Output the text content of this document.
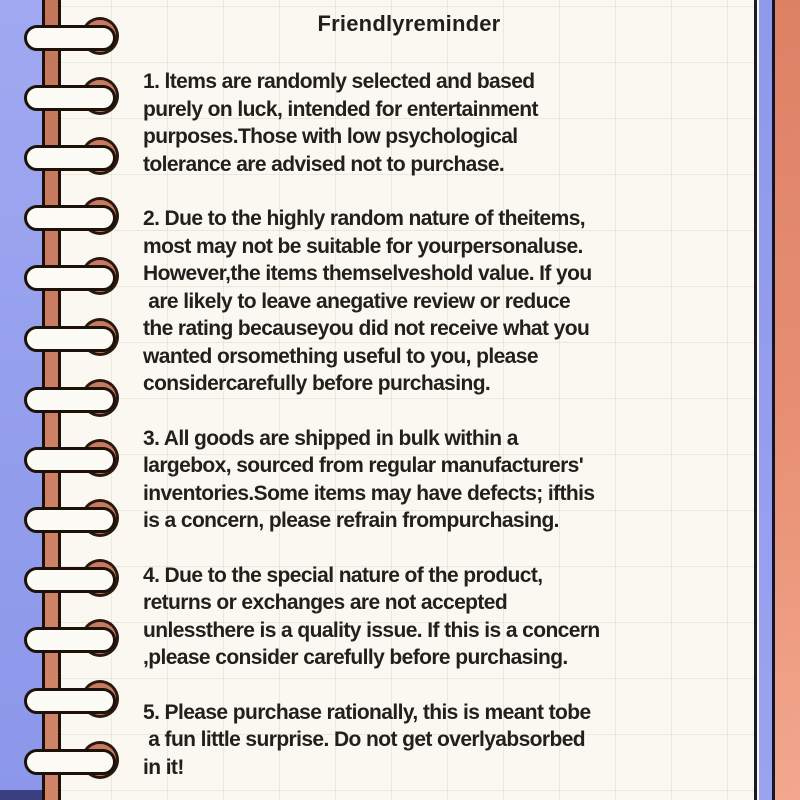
Friendlyreminder
1. ltems are randomly selected and based
purely on luck, intended for entertainment
purposes.Those with low psychological
tolerance are advised not to purchase.
2. Due to the highly random nature of theitems,
most may not be suitable for yourpersonaluse.
However,the items themselveshold value. If you
are likely to leave anegative review or reduce
the rating becauseyou did not receive what you
wanted orsomething useful to you, please
considercarefully before purchasing.
3. All goods are shipped in bulk within a
largebox, sourced from regular manufacturers'
inventories.Some items may have defects; ifthis
is a concern, please refrain frompurchasing.
4. Due to the special nature of the product,
returns or exchanges are not accepted
unlessthere is a quality issue. If this is a concern
,please consider carefully before purchasing.
5. Please purchase rationally, this is meant tobe
a fun little surprise. Do not get overlyabsorbed
in it!
